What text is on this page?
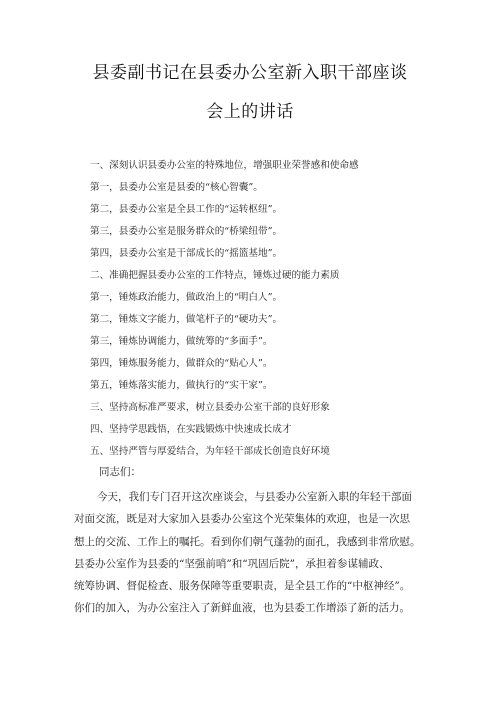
县委副书记在县委办公室新入职干部座谈
会上的讲话
一、深刻认识县委办公室的特殊地位，增强职业荣誉感和使命感
第一，县委办公室是县委的“核心智囊”。
第二，县委办公室是全县工作的“运转枢纽”。
第三，县委办公室是服务群众的“桥梁纽带”。
第四，县委办公室是干部成长的“摇篮基地”。
二、准确把握县委办公室的工作特点，锤炼过硬的能力素质
第一，锤炼政治能力，做政治上的“明白人”。
第二，锤炼文字能力，做笔杆子的“硬功夫”。
第三，锤炼协调能力，做统筹的“多面手”。
第四，锤炼服务能力，做群众的“贴心人”。
第五，锤炼落实能力，做执行的“实干家”。
三、坚持高标准严要求，树立县委办公室干部的良好形象
四、坚持学思践悟，在实践锻炼中快速成长成才
五、坚持严管与厚爱结合，为年轻干部成长创造良好环境
同志们：
今天，我们专门召开这次座谈会，与县委办公室新入职的年轻干部面
对面交流，既是对大家加入县委办公室这个光荣集体的欢迎，也是一次思
想上的交流、工作上的嘱托。看到你们朝气蓬勃的面孔，我感到非常欣慰。
县委办公室作为县委的“坚强前哨”和“巩固后院”，承担着参谋辅政、
统筹协调、督促检查、服务保障等重要职责，是全县工作的“中枢神经”。
你们的加入，为办公室注入了新鲜血液，也为县委工作增添了新的活力。
